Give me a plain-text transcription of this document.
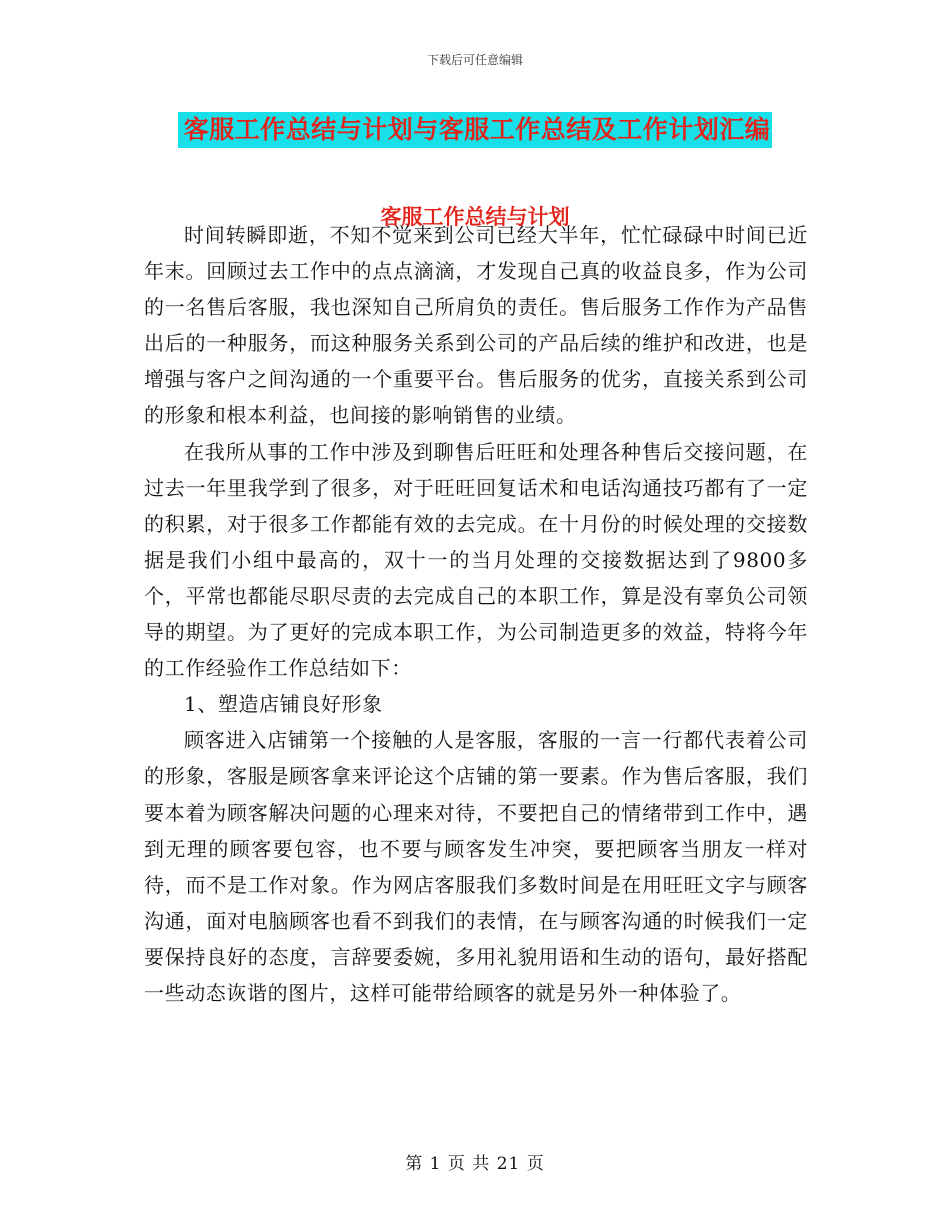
下载后可任意编辑
客服工作总结与计划与客服工作总结及工作计划汇编
客服工作总结与计划

时间转瞬即逝，不知不觉来到公司已经大半年，忙忙碌碌中时间已近年末。回顾过去工作中的点点滴滴，才发现自己真的收益良多，作为公司的一名售后客服，我也深知自己所肩负的责任。售后服务工作作为产品售出后的一种服务，而这种服务关系到公司的产品后续的维护和改进，也是增强与客户之间沟通的一个重要平台。售后服务的优劣，直接关系到公司的形象和根本利益，也间接的影响销售的业绩。

在我所从事的工作中涉及到聊售后旺旺和处理各种售后交接问题，在过去一年里我学到了很多，对于旺旺回复话术和电话沟通技巧都有了一定的积累，对于很多工作都能有效的去完成。在十月份的时候处理的交接数据是我们小组中最高的，双十一的当月处理的交接数据达到了9800多个，平常也都能尽职尽责的去完成自己的本职工作，算是没有辜负公司领导的期望。为了更好的完成本职工作，为公司制造更多的效益，特将今年的工作经验作工作总结如下：

1、塑造店铺良好形象

顾客进入店铺第一个接触的人是客服，客服的一言一行都代表着公司的形象，客服是顾客拿来评论这个店铺的第一要素。作为售后客服，我们要本着为顾客解决问题的心理来对待，不要把自己的情绪带到工作中，遇到无理的顾客要包容，也不要与顾客发生冲突，要把顾客当朋友一样对待，而不是工作对象。作为网店客服我们多数时间是在用旺旺文字与顾客沟通，面对电脑顾客也看不到我们的表情，在与顾客沟通的时候我们一定要保持良好的态度，言辞要委婉，多用礼貌用语和生动的语句，最好搭配一些动态诙谐的图片，这样可能带给顾客的就是另外一种体验了。

第 1 页 共 21 页
